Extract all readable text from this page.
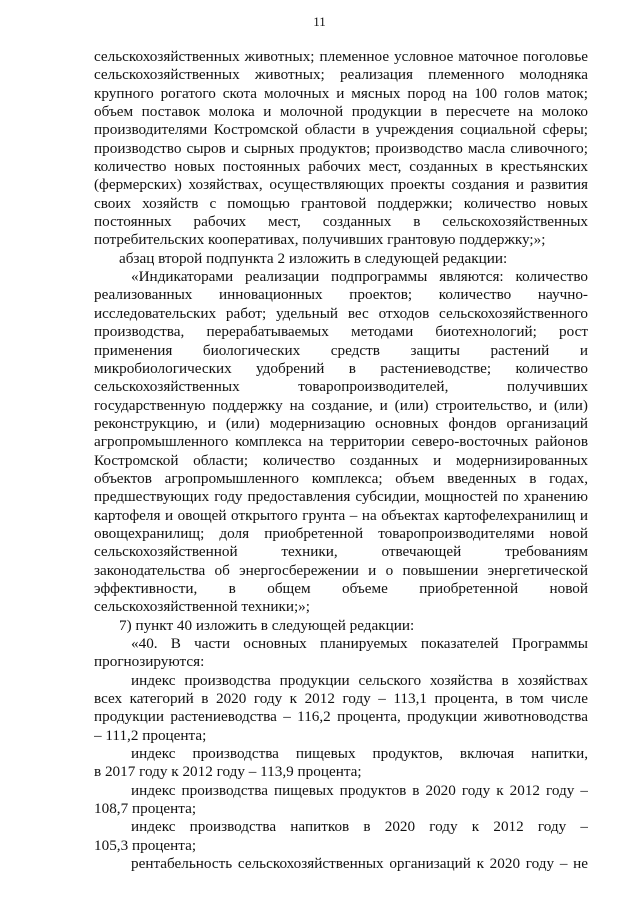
11
сельскохозяйственных животных; племенное условное маточное поголовье
сельскохозяйственных животных; реализация племенного молодняка
крупного рогатого скота молочных и мясных пород на 100 голов маток;
объем поставок молока и молочной продукции в пересчете на молоко
производителями Костромской области в учреждения социальной сферы;
производство сыров и сырных продуктов; производство масла сливочного;
количество новых постоянных рабочих мест, созданных в крестьянских
(фермерских) хозяйствах, осуществляющих проекты создания и развития
своих хозяйств с помощью грантовой поддержки; количество новых
постоянных рабочих мест, созданных в сельскохозяйственных
потребительских кооперативах, получивших грантовую поддержку;»;
абзац второй подпункта 2 изложить в следующей редакции:
«Индикаторами реализации подпрограммы являются: количество
реализованных инновационных проектов; количество научно-
исследовательских работ; удельный вес отходов сельскохозяйственного
производства, перерабатываемых методами биотехнологий; рост
применения биологических средств защиты растений и
микробиологических удобрений в растениеводстве; количество
сельскохозяйственных товаропроизводителей, получивших
государственную поддержку на создание, и (или) строительство, и (или)
реконструкцию, и (или) модернизацию основных фондов организаций
агропромышленного комплекса на территории северо-восточных районов
Костромской области; количество созданных и модернизированных
объектов агропромышленного комплекса; объем введенных в годах,
предшествующих году предоставления субсидии, мощностей по хранению
картофеля и овощей открытого грунта – на объектах картофелехранилищ и
овощехранилищ; доля приобретенной товаропроизводителями новой
сельскохозяйственной техники, отвечающей требованиям
законодательства об энергосбережении и о повышении энергетической
эффективности, в общем объеме приобретенной новой
сельскохозяйственной техники;»;
7) пункт 40 изложить в следующей редакции:
«40. В части основных планируемых показателей Программы
прогнозируются:
индекс производства продукции сельского хозяйства в хозяйствах
всех категорий в 2020 году к 2012 году – 113,1 процента, в том числе
продукции растениеводства – 116,2 процента, продукции животноводства
– 111,2 процента;
индекс производства пищевых продуктов, включая напитки,
в 2017 году к 2012 году – 113,9 процента;
индекс производства пищевых продуктов в 2020 году к 2012 году –
108,7 процента;
индекс производства напитков в 2020 году к 2012 году –
105,3 процента;
рентабельность сельскохозяйственных организаций к 2020 году – не
